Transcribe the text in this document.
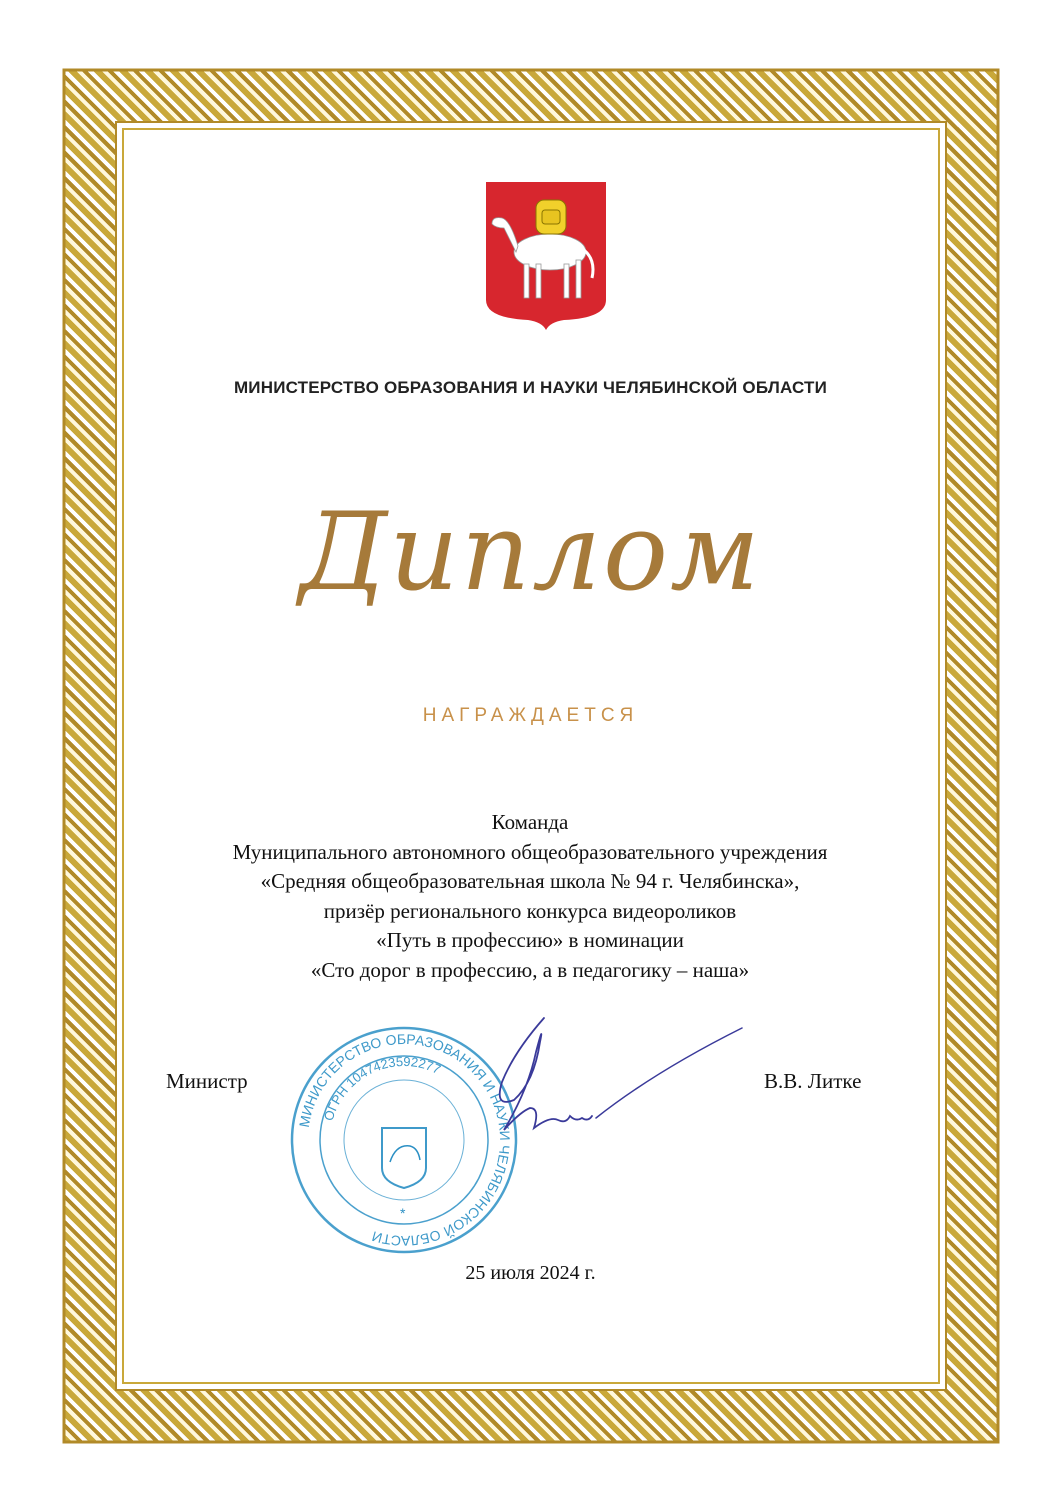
МИНИСТЕРСТВО ОБРАЗОВАНИЯ И НАУКИ ЧЕЛЯБИНСКОЙ ОБЛАСТИ
Диплом
НАГРАЖДАЕТСЯ
Команда
Муниципального автономного общеобразовательного учреждения
«Средняя общеобразовательная школа № 94 г. Челябинска»,
призёр регионального конкурса видеороликов
«Путь в профессию» в номинации
«Сто дорог в профессию, а в педагогику – наша»
Министр	В.В. Литке
МИНИСТЕРСТВО ОБРАЗОВАНИЯ И НАУКИ ЧЕЛЯБИНСКОЙ ОБЛАСТИ
ОГРН 1047423592277
*
25 июля 2024 г.
